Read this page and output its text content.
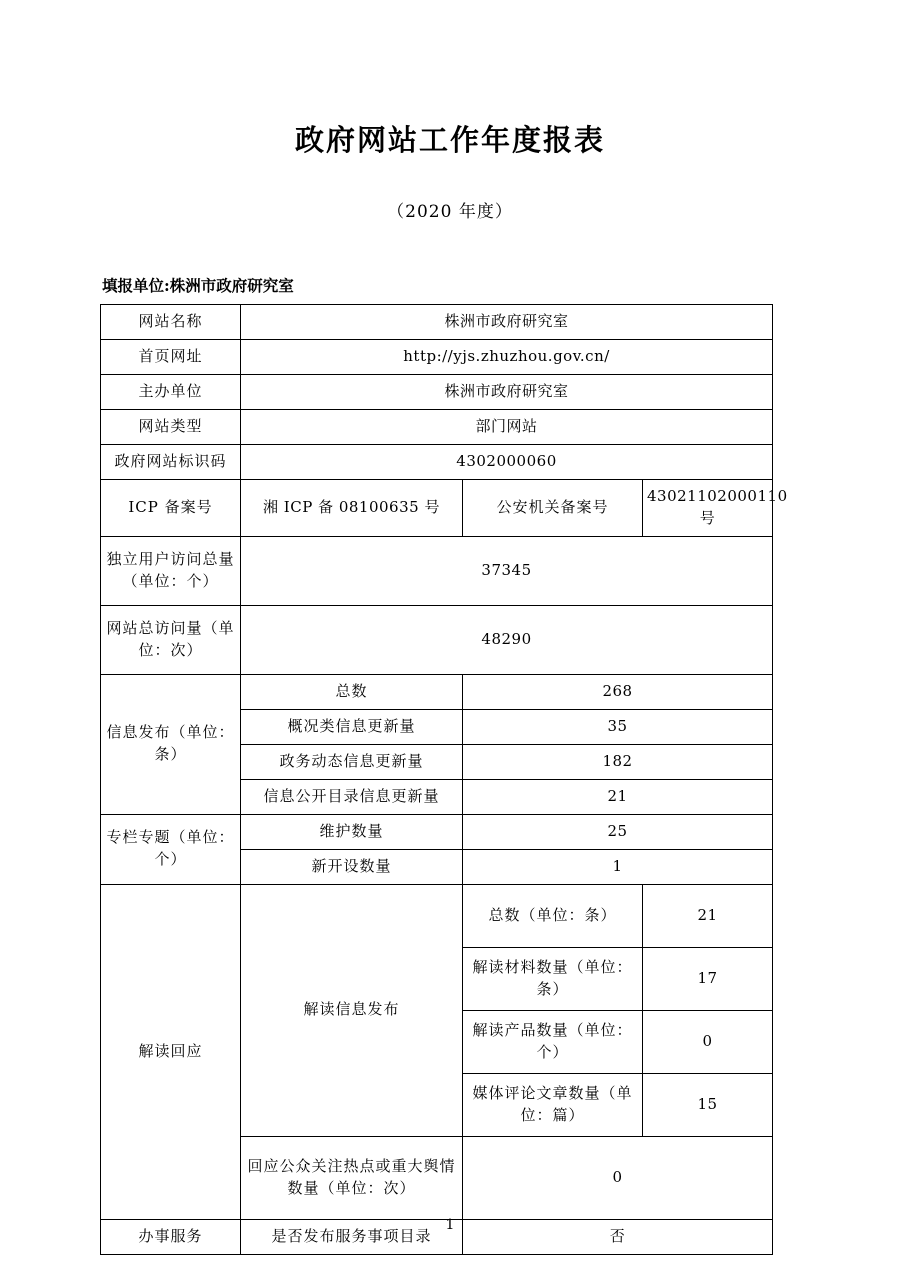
政府网站工作年度报表
（2020 年度）
填报单位:株洲市政府研究室
网站名称	株洲市政府研究室		
首页网址	http://yjs.zhuzhou.gov.cn/		
主办单位	株洲市政府研究室		
网站类型	部门网站		
政府网站标识码	4302000060		
ICP 备案号	湘 ICP 备 08100635 号	公安机关备案号	43021102000110 号
独立用户访问总量（单位：个）	37345		
网站总访问量（单位：次）	48290		
信息发布（单位：条）	总数	268	
	概况类信息更新量	35	
	政务动态信息更新量	182	
	信息公开目录信息更新量	21	
专栏专题（单位：个）	维护数量	25	
	新开设数量	1	
解读回应	解读信息发布	总数（单位：条）	21
		解读材料数量（单位：条）	17
		解读产品数量（单位：个）	0
		媒体评论文章数量（单位：篇）	15
	回应公众关注热点或重大舆情数量（单位：次）	0	
办事服务	是否发布服务事项目录	否	
1
